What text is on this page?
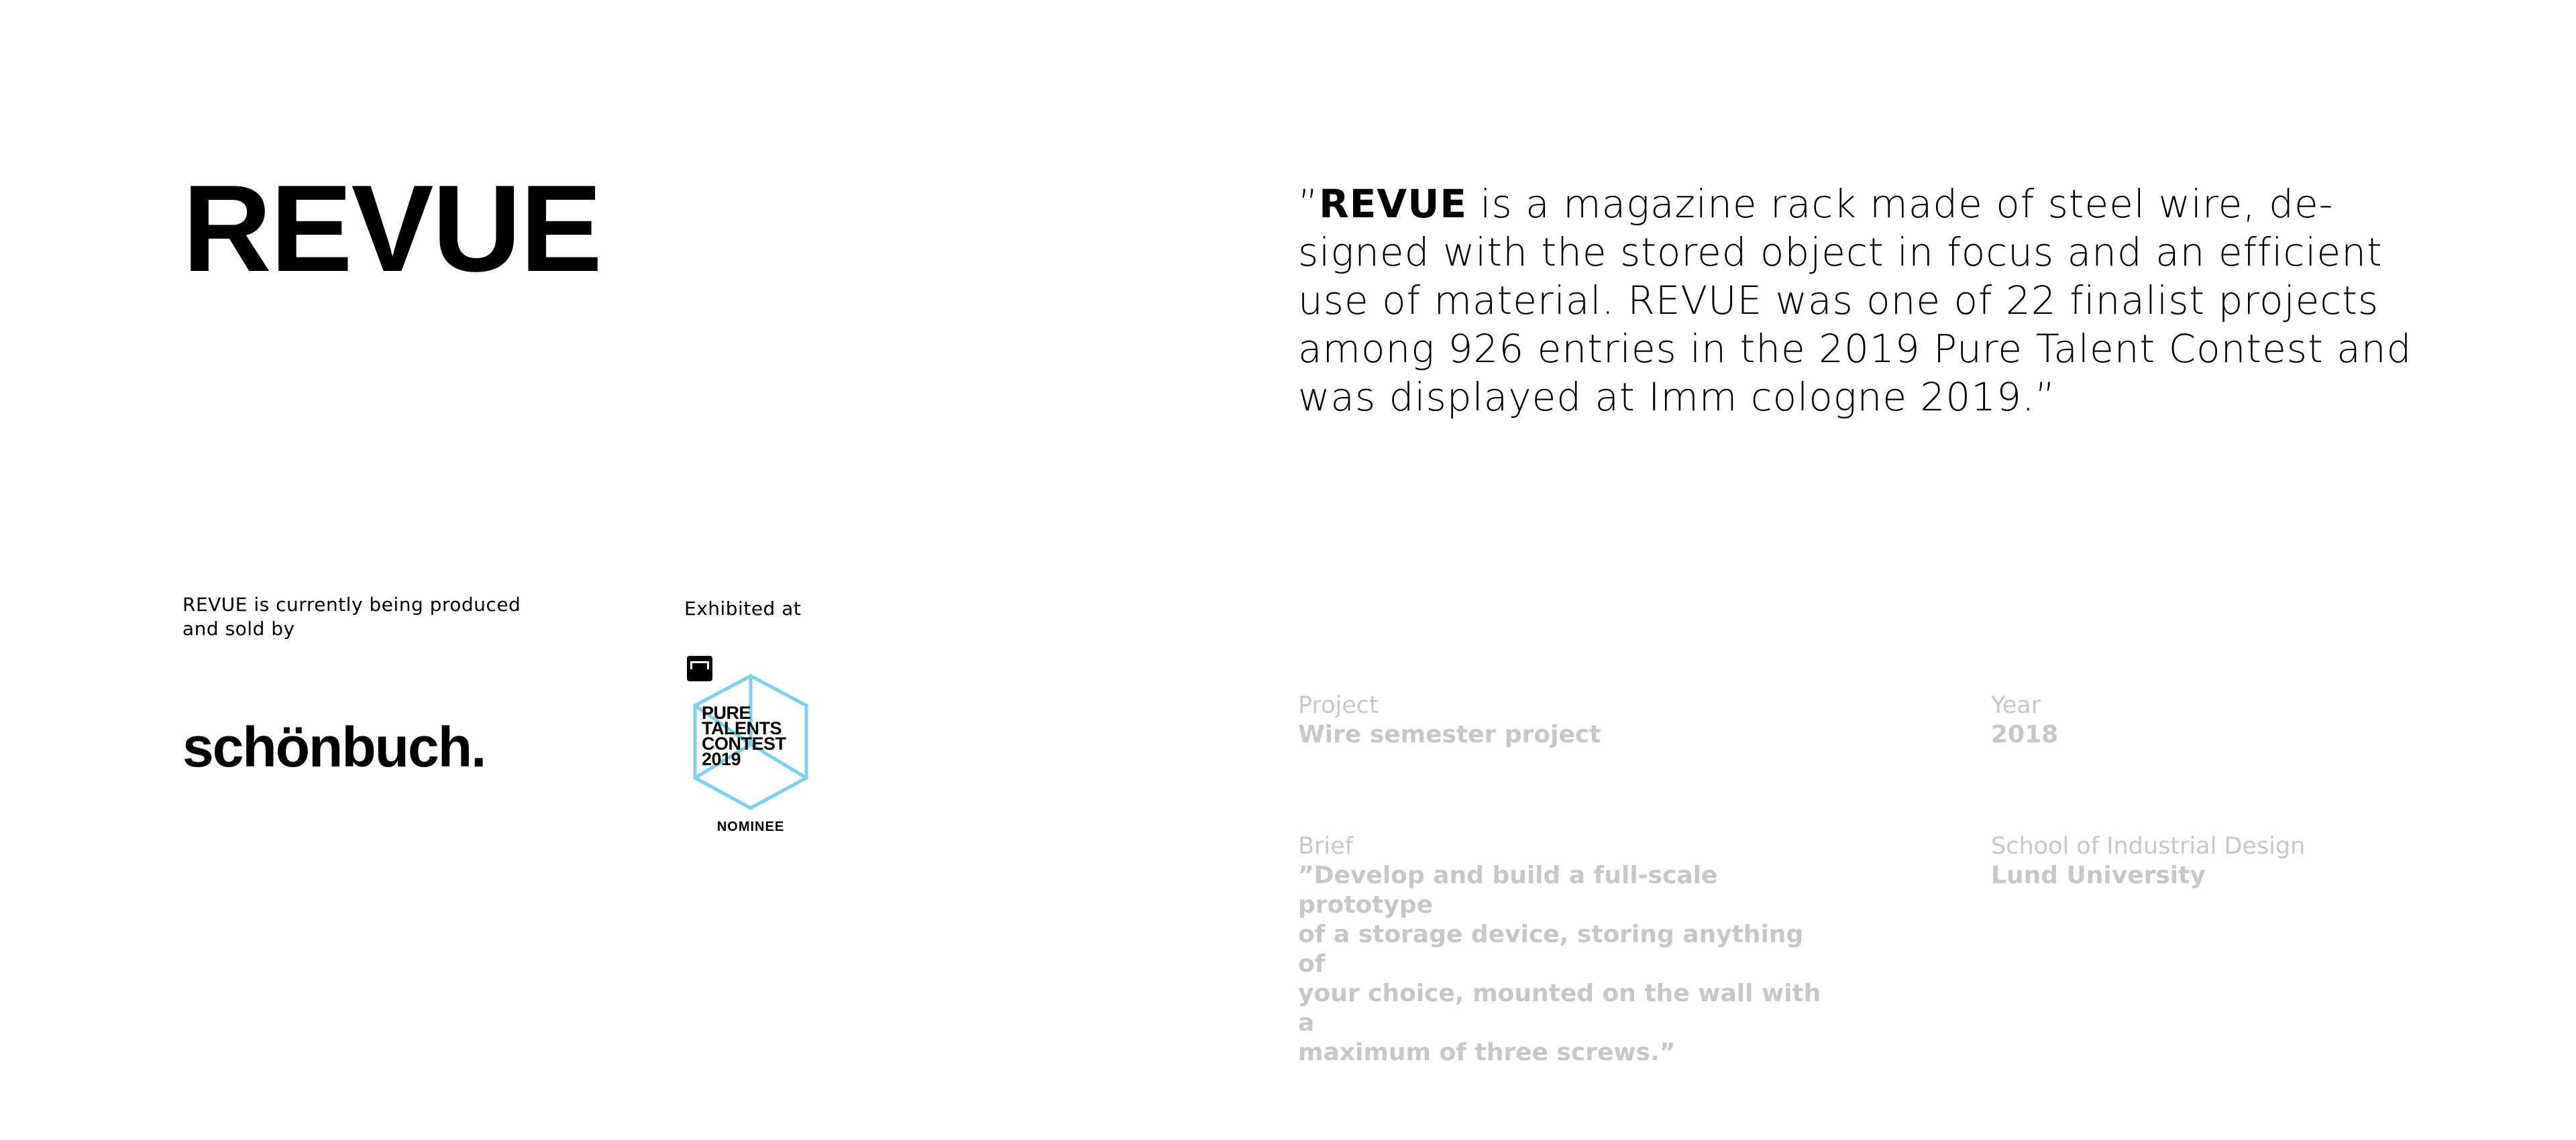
REVUE	”REVUE is a magazine rack made of steel wire, de-
signed with the stored object in focus and an efficient
use of material. REVUE was one of 22 finalist projects
among 926 entries in the 2019 Pure Talent Contest and
was displayed at Imm cologne 2019.”

REVUE is currently being produced
and sold by

schönbuch.

Exhibited at

PURE
TALENTS
CONTEST
2019
NOMINEE
Project
Wire semester project
Year
2018
Brief
”Develop and build a full-scale prototype
of a storage device, storing anything of
your choice, mounted on the wall with a
maximum of three screws.”
School of Industrial Design
Lund University
